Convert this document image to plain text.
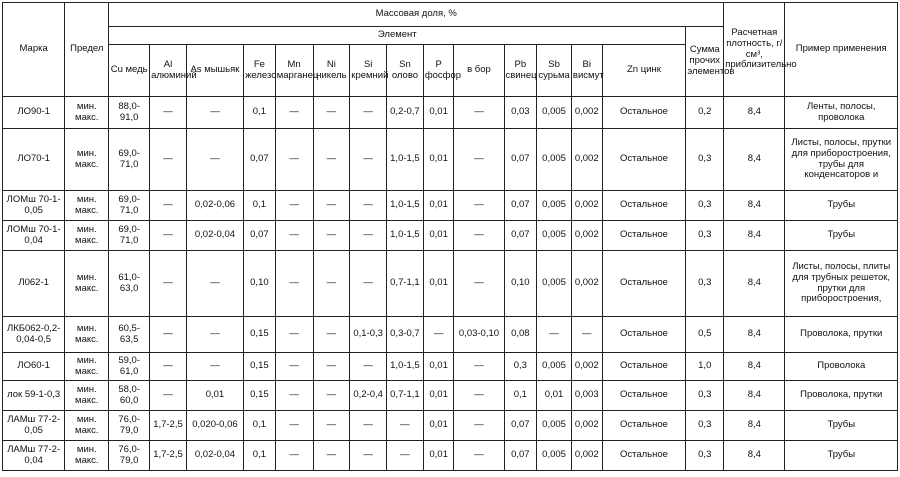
Марка	Предел	Массовая доля, %															Расчетная плотность, г/см³, приблизительно	Пример применения
		Элемент														Сумма прочих элементов		
		Cu медь	Al алюминий	As мышьяк	Fe железо	Mn марганец	Ni никель	Si кремний	Sn олово	P фосфор	в бор	Pb свинец	Sb сурьма	Bi висмут	Zn цинк			
ЛО90-1	мин. макс.	88,0-91,0	—	—	0,1	—	—	—	0,2-0,7	0,01	—	0,03	0,005	0,002	Остальное	0,2	8,4	Ленты, полосы, проволока
ЛО70-1	мин. макс.	69,0-71,0	—	—	0,07	—	—	—	1,0-1,5	0,01	—	0,07	0,005	0,002	Остальное	0,3	8,4	Листы, полосы, прутки для приборостроения, трубы для конденсаторов и
ЛОМш 70-1-0,05	мин. макс.	69,0-71,0	—	0,02-0,06	0,1	—	—	—	1,0-1,5	0,01	—	0,07	0,005	0,002	Остальное	0,3	8,4	Трубы
ЛОМш 70-1-0,04	мин. макс.	69,0-71,0	—	0,02-0,04	0,07	—	—	—	1,0-1,5	0,01	—	0,07	0,005	0,002	Остальное	0,3	8,4	Трубы
Л062-1	мин. макс.	61,0-63,0	—	—	0,10	—	—	—	0,7-1,1	0,01	—	0,10	0,005	0,002	Остальное	0,3	8,4	Листы, полосы, плиты для трубных решеток, прутки для приборостроения,
ЛКБ062-0,2-0,04-0,5	мин. макс.	60,5-63,5	—	—	0,15	—	—	0,1-0,3	0,3-0,7	—	0,03-0,10	0,08	—	—	Остальное	0,5	8,4	Проволока, прутки
ЛО60-1	мин. макс.	59,0-61,0	—	—	0,15	—	—	—	1,0-1,5	0,01	—	0,3	0,005	0,002	Остальное	1,0	8,4	Проволока
лок 59-1-0,3	мин. макс.	58,0-60,0	—	0,01	0,15	—	—	0,2-0,4	0,7-1,1	0,01	—	0,1	0,01	0,003	Остальное	0,3	8,4	Проволока, прутки
ЛАМш 77-2-0,05	мин. макс.	76,0-79,0	1,7-2,5	0,020-0,06	0,1	—	—	—	—	0,01	—	0,07	0,005	0,002	Остальное	0,3	8,4	Трубы
ЛАМш 77-2-0,04	мин. макс.	76,0-79,0	1,7-2,5	0,02-0,04	0,1	—	—	—	—	0,01	—	0,07	0,005	0,002	Остальное	0,3	8,4	Трубы
